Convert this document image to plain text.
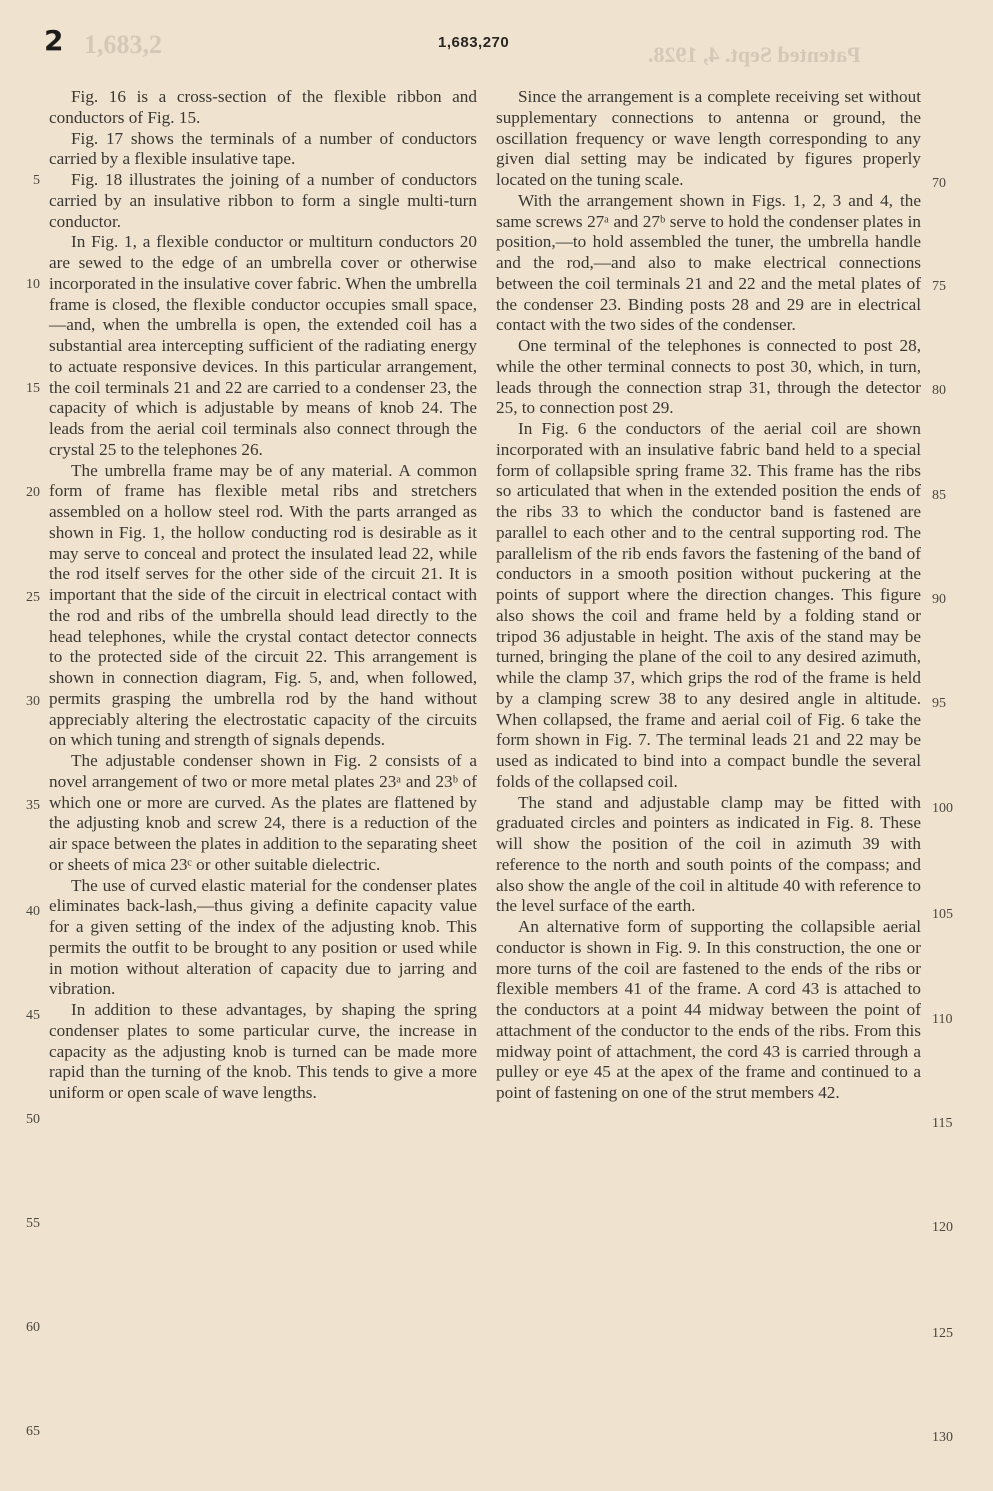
1,683,2	Patented Sept. 4, 1928.
2	1,683,270

Fig. 16 is a cross-section of the flexible ribbon and conductors of Fig. 15.

Fig. 17 shows the terminals of a number of conductors carried by a flexible insulative tape.

Fig. 18 illustrates the joining of a number of conductors carried by an insulative ribbon to form a single multi-turn conductor.

In Fig. 1, a flexible conductor or multiturn conductors 20 are sewed to the edge of an umbrella cover or otherwise incorporated in the insulative cover fabric. When the umbrella frame is closed, the flexible conductor occupies small space,—and, when the umbrella is open, the extended coil has a substantial area intercepting sufficient of the radiating energy to actuate responsive devices. In this particular arrangement, the coil terminals 21 and 22 are carried to a condenser 23, the capacity of which is adjustable by means of knob 24. The leads from the aerial coil terminals also connect through the crystal 25 to the telephones 26.

The umbrella frame may be of any material. A common form of frame has flexible metal ribs and stretchers assembled on a hollow steel rod. With the parts arranged as shown in Fig. 1, the hollow conducting rod is desirable as it may serve to conceal and protect the insulated lead 22, while the rod itself serves for the other side of the circuit 21. It is important that the side of the circuit in electrical contact with the rod and ribs of the umbrella should lead directly to the head telephones, while the crystal contact detector connects to the protected side of the circuit 22. This arrangement is shown in connection diagram, Fig. 5, and, when followed, permits grasping the umbrella rod by the hand without appreciably altering the electrostatic capacity of the circuits on which tuning and strength of signals depends.

The adjustable condenser shown in Fig. 2 consists of a novel arrangement of two or more metal plates 23ᵃ and 23ᵇ of which one or more are curved. As the plates are flattened by the adjusting knob and screw 24, there is a reduction of the air space between the plates in addition to the separating sheet or sheets of mica 23ᶜ or other suitable dielectric.

The use of curved elastic material for the condenser plates eliminates back-lash,—thus giving a definite capacity value for a given setting of the index of the adjusting knob. This permits the outfit to be brought to any position or used while in motion without alteration of capacity due to jarring and vibration.

In addition to these advantages, by shaping the spring condenser plates to some particular curve, the increase in capacity as the adjusting knob is turned can be made more rapid than the turning of the knob. This tends to give a more uniform or open scale of wave lengths.

Since the arrangement is a complete receiving set without supplementary connections to antenna or ground, the oscillation frequency or wave length corresponding to any given dial setting may be indicated by figures properly located on the tuning scale.

With the arrangement shown in Figs. 1, 2, 3 and 4, the same screws 27ᵃ and 27ᵇ serve to hold the condenser plates in position,—to hold assembled the tuner, the umbrella handle and the rod,—and also to make electrical connections between the coil terminals 21 and 22 and the metal plates of the condenser 23. Binding posts 28 and 29 are in electrical contact with the two sides of the condenser.

One terminal of the telephones is connected to post 28, while the other terminal connects to post 30, which, in turn, leads through the connection strap 31, through the detector 25, to connection post 29.

In Fig. 6 the conductors of the aerial coil are shown incorporated with an insulative fabric band held to a special form of collapsible spring frame 32. This frame has the ribs so articulated that when in the extended position the ends of the ribs 33 to which the conductor band is fastened are parallel to each other and to the central supporting rod. The parallelism of the rib ends favors the fastening of the band of conductors in a smooth position without puckering at the points of support where the direction changes. This figure also shows the coil and frame held by a folding stand or tripod 36 adjustable in height. The axis of the stand may be turned, bringing the plane of the coil to any desired azimuth, while the clamp 37, which grips the rod of the frame is held by a clamping screw 38 to any desired angle in altitude. When collapsed, the frame and aerial coil of Fig. 6 take the form shown in Fig. 7. The terminal leads 21 and 22 may be used as indicated to bind into a compact bundle the several folds of the collapsed coil.

The stand and adjustable clamp may be fitted with graduated circles and pointers as indicated in Fig. 8. These will show the position of the coil in azimuth 39 with reference to the north and south points of the compass; and also show the angle of the coil in altitude 40 with reference to the level surface of the earth.

An alternative form of supporting the collapsible aerial conductor is shown in Fig. 9. In this construction, the one or more turns of the coil are fastened to the ends of the ribs or flexible members 41 of the frame. A cord 43 is attached to the conductors at a point 44 midway between the point of attachment of the conductor to the ends of the ribs. From this midway point of attachment, the cord 43 is carried through a pulley or eye 45 at the apex of the frame and continued to a point of fastening on one of the strut members 42.

5
10
15
20
25
30
35
40
45
50
55
60
65
70
75
80
85
90
95
100
105
110
115
120
125
130
